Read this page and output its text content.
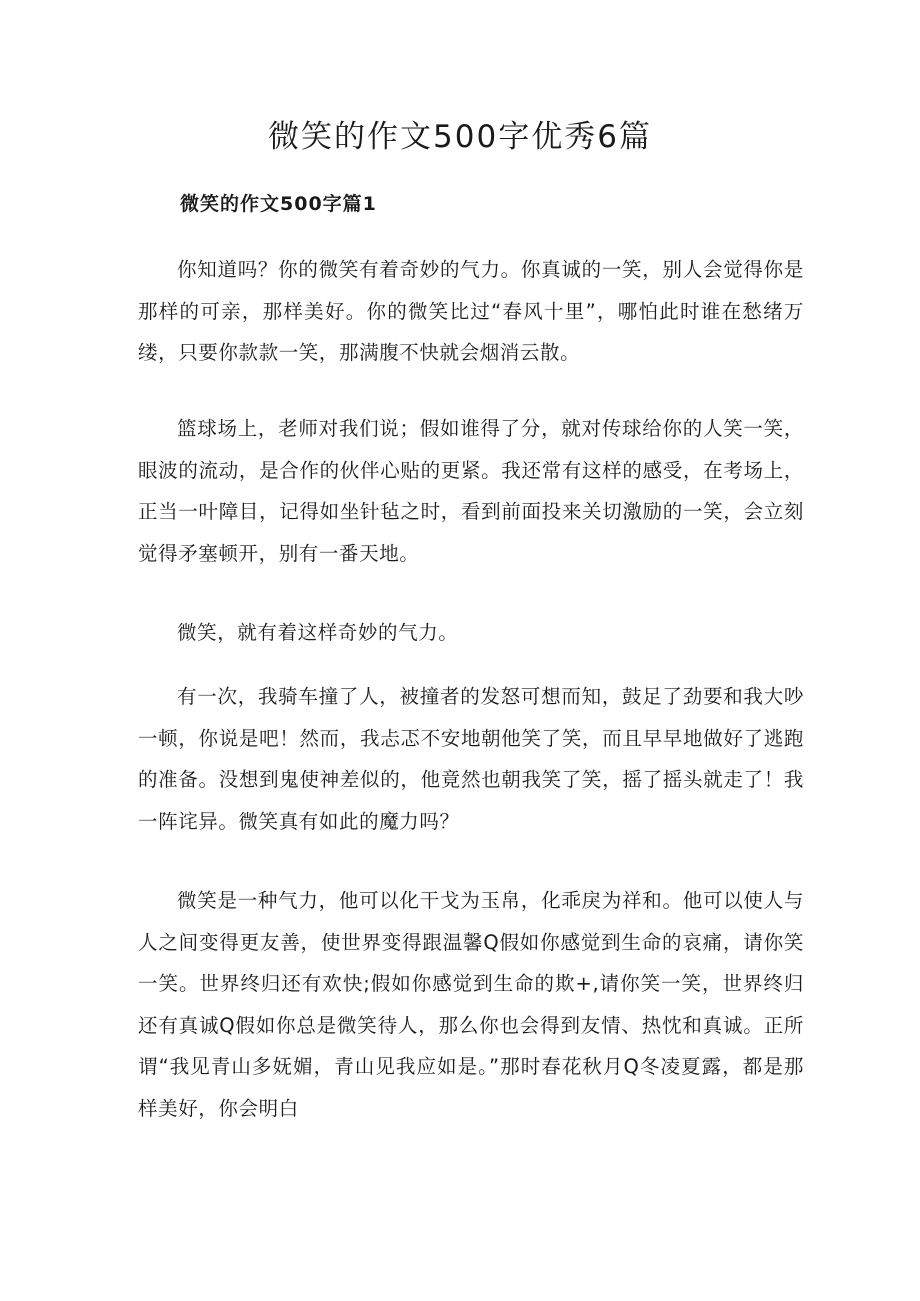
微笑的作文500字优秀6篇
微笑的作文500字篇1

你知道吗？你的微笑有着奇妙的气力。你真诚的一笑，别人会觉得你是那样的可亲，那样美好。你的微笑比过“春风十里”，哪怕此时谁在愁绪万缕，只要你款款一笑，那满腹不快就会烟消云散。

篮球场上，老师对我们说；假如谁得了分，就对传球给你的人笑一笑，眼波的流动，是合作的伙伴心贴的更紧。我还常有这样的感受，在考场上，正当一叶障目，记得如坐针毡之时，看到前面投来关切激励的一笑，会立刻觉得矛塞顿开，别有一番天地。

微笑，就有着这样奇妙的气力。

有一次，我骑车撞了人，被撞者的发怒可想而知，鼓足了劲要和我大吵一顿，你说是吧！然而，我忐忑不安地朝他笑了笑，而且早早地做好了逃跑的准备。没想到鬼使神差似的，他竟然也朝我笑了笑，摇了摇头就走了！我一阵诧异。微笑真有如此的魔力吗？

微笑是一种气力，他可以化干戈为玉帛，化乖戾为祥和。他可以使人与人之间变得更友善，使世界变得跟温馨Q假如你感觉到生命的哀痛，请你笑一笑。世界终归还有欢快;假如你感觉到生命的欺+,请你笑一笑，世界终归还有真诚Q假如你总是微笑待人，那么你也会得到友情、热忱和真诚。正所谓“我见青山多妩媚，青山见我应如是。”那时春花秋月Q冬凌夏露，都是那样美好，你会明白
